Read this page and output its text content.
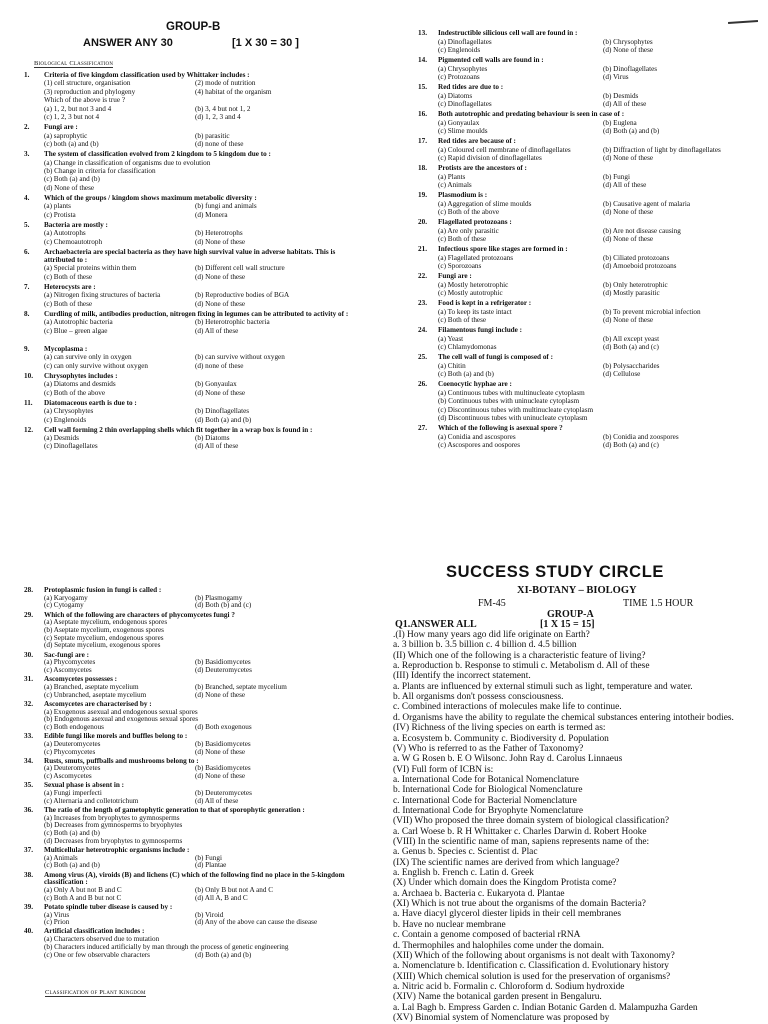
GROUP-B
ANSWER ANY 30	[1 X 30 = 30 ]
Biological Classification
1. Criteria of five kingdom classification used by Whittaker includes :
(1) cell structure, organisation	(2) mode of nutrition
(3) reproduction and phylogeny	(4) habitat of the organism
Which of the above is true ?
(a) 1, 2, but not 3 and 4	(b) 3, 4 but not 1, 2
(c) 1, 2, 3 but not 4	(d) 1, 2, 3 and 4
2. Fungi are :
(a) saprophytic	(b) parasitic
(c) both (a) and (b)	(d) none of these
3. The system of classification evolved from 2 kingdom to 5 kingdom due to :
(a) Change in classification of organisms due to evolution
(b) Change in criteria for classification
(c) Both (a) and (b)
(d) None of these
4. Which of the groups / kingdom shows maximum metabolic diversity :
(a) plants	(b) fungi and animals
(c) Protista	(d) Monera
5. Bacteria are mostly :
(a) Autotrophs	(b) Heterotrophs
(c) Chemoautotroph	(d) None of these
6. Archaebacteria are special bacteria as they have high survival value in adverse habitats. This is attributed to :
(a) Special proteins within them	(b) Different cell wall structure
(c) Both of these	(d) None of these
7. Heterocysts are :
(a) Nitrogen fixing structures of bacteria	(b) Reproductive bodies of BGA
(c) Both of these	(d) None of these
8. Curdling of milk, antibodies production, nitrogen fixing in legumes can be attributed to activity of :
(a) Autotrophic bacteria	(b) Heterotrophic bacteria
(c) Blue – green algae	(d) All of these
9. Mycoplasma :
(a) can survive only in oxygen	(b) can survive without oxygen
(c) can only survive without oxygen	(d) none of these
10. Chrysophytes includes :
(a) Diatoms and desmids	(b) Gonyaulax
(c) Both of the above	(d) None of these
11. Diatomaceous earth is due to :
(a) Chrysophytes	(b) Dinoflagellates
(c) Englenoids	(d) Both (a) and (b)
12. Cell wall forming 2 thin overlapping shells which fit together in a wrap box is found in :
(a) Desmids	(b) Diatoms
(c) Dinoflagellates	(d) All of these
13. Indestructible silicious cell wall are found in :
(a) Dinoflagellates	(b) Chrysophytes
(c) Englenoids	(d) None of these
14. Pigmented cell walls are found in :
(a) Chrysophytes	(b) Dinoflagellates
(c) Protozoans	(d) Virus
15. Red tides are due to :
(a) Diatoms	(b) Desmids
(c) Dinoflagellates	(d) All of these
16. Both autotrophic and predating behaviour is seen in case of :
(a) Gonyaulax	(b) Euglena
(c) Slime moulds	(d) Both (a) and (b)
17. Red tides are because of :
(a) Coloured cell membrane of dinoflagellates	(b) Diffraction of light by dinoflagellates
(c) Rapid division of dinoflagellates	(d) None of these
18. Protists are the ancestors of :
(a) Plants	(b) Fungi
(c) Animals	(d) All of these
19. Plasmodium is :
(a) Aggregation of slime moulds	(b) Causative agent of malaria
(c) Both of the above	(d) None of these
20. Flagellated protozoans :
(a) Are only parasitic	(b) Are not disease causing
(c) Both of these	(d) None of these
21. Infectious spore like stages are formed in :
(a) Flagellated protozoans	(b) Ciliated protozoans
(c) Sporozoans	(d) Amoeboid protozoans
22. Fungi are :
(a) Mostly heterotrophic	(b) Only heterotrophic
(c) Mostly autotrophic	(d) Mostly parasitic
23. Food is kept in a refrigerator :
(a) To keep its taste intact	(b) To prevent microbial infection
(c) Both of these	(d) None of these
24. Filamentous fungi include :
(a) Yeast	(b) All except yeast
(c) Chlamydomonas	(d) Both (a) and (c)
25. The cell wall of fungi is composed of :
(a) Chitin	(b) Polysaccharides
(c) Both (a) and (b)	(d) Cellulose
26. Coenocytic hyphae are :
(a) Continuous tubes with multinucleate cytoplasm
(b) Continuous tubes with uninucleate cytoplasm
(c) Discontinuous tubes with multinucleate cytoplasm
(d) Discontinuous tubes with uninucleate cytoplasm
27. Which of the following is asexual spore ?
(a) Conidia and ascospores	(b) Conidia and zoospores
(c) Ascospores and oospores	(d) Both (a) and (c)
28. Protoplasmic fusion in fungi is called :
(a) Karyogamy	(b) Plasmogamy
(c) Cytogamy	(d) Both (b) and (c)
29. Which of the following are characters of phycomycetes fungi ?
(a) Aseptate mycelium, endogenous spores
(b) Aseptate mycelium, exogenous spores
(c) Septate mycelium, endogenous spores
(d) Septate mycelium, exogenous spores
30. Sac-fungi are :
(a) Phycomycetes	(b) Basidiomycetes
(c) Ascomycetes	(d) Deuteromycetes
31. Ascomycetes possesses :
(a) Branched, aseptate mycelium	(b) Branched, septate mycelium
(c) Unbranched, aseptate mycelium	(d) None of these
32. Ascomycetes are characterised by :
(a) Exogenous asexual and endogenous sexual spores
(b) Endogenous asexual and exogenous sexual spores
(c) Both endogenous	(d) Both exogenous
33. Edible fungi like morels and buffles belong to :
(a) Deuteromycetes	(b) Basidiomycetes
(c) Phycomycetes	(d) None of these
34. Rusts, smuts, puffballs and mushrooms belong to :
(a) Deuteromycetes	(b) Basidiomycetes
(c) Ascomycetes	(d) None of these
35. Sexual phase is absent in :
(a) Fungi imperfecti	(b) Deuteromycetes
(c) Alternaria and colletotrichum	(d) All of these
36. The ratio of the length of gametophytic generation to that of sporophytic generation :
(a) Increases from bryophytes to gymnosperms
(b) Decreases from gymnosperms to bryophytes
(c) Both (a) and (b)
(d) Decreases from bryophytes to gymnosperms
37. Multicellular heterotrophic organisms include :
(a) Animals	(b) Fungi
(c) Both (a) and (b)	(d) Plantae
38. Among virus (A), viroids (B) and lichens (C) which of the following find no place in the 5-kingdom classification :
(a) Only A but not B and C	(b) Only B but not A and C
(c) Both A and B but not C	(d) All A, B and C
39. Potato spindle tuber disease is caused by :
(a) Virus	(b) Viroid
(c) Prion	(d) Any of the above can cause the disease
40. Artificial classification includes :
(a) Characters observed due to mutation
(b) Characters induced artificially by man through the process of genetic engineering
(c) One or few observable characters	(d) Both (a) and (b)
Classification of Plant Kingdom
SUCCESS STUDY CIRCLE
XI-BOTANY – BIOLOGY
FM-45	TIME 1.5 HOUR
GROUP-A
Q1.ANSWER ALL	[1 X 15 = 15]
.(I) How many years ago did life originate on Earth?
a. 3 billion b. 3.5 billion c. 4 billion d. 4.5 billion
(II) Which one of the following is a characteristic feature of living?
a. Reproduction b. Response to stimuli c. Metabolism d. All of these
(III) Identify the incorrect statement.
a. Plants are influenced by external stimuli such as light, temperature and water.
b. All organisms don't possess consciousness.
c. Combined interactions of molecules make life to continue.
d. Organisms have the ability to regulate the chemical substances entering intotheir bodies.
(IV) Richness of the living species on earth is termed as:
a. Ecosystem b. Community c. Biodiversity d. Population
(V) Who is referred to as the Father of Taxonomy?
a. W G Rosen b. E O Wilsonc. John Ray d. Carolus Linnaeus
(VI) Full form of ICBN is:
a. International Code for Botanical Nomenclature
b. International Code for Biological Nomenclature
c. International Code for Bacterial Nomenclature
d. International Code for Bryophyte Nomenclature
(VII) Who proposed the three domain system of biological classification?
a. Carl Woese b. R H Whittaker c. Charles Darwin d. Robert Hooke
(VIII) In the scientific name of man, sapiens represents name of the:
a. Genus b. Species c. Scientist d. Plac
(IX) The scientific names are derived from which language?
a. English b. French c. Latin d. Greek
(X) Under which domain does the Kingdom Protista come?
a. Archaea b. Bacteria c. Eukaryota d. Plantae
(XI) Which is not true about the organisms of the domain Bacteria?
a. Have diacyl glycerol diester lipids in their cell membranes
b. Have no nuclear membrane
c. Contain a genome composed of bacterial rRNA
d. Thermophiles and halophiles come under the domain.
(XII) Which of the following about organisms is not dealt with Taxonomy?
a. Nomenclature b. Identification c. Classification d. Evolutionary history
(XIII) Which chemical solution is used for the preservation of organisms?
a. Nitric acid b. Formalin c. Chloroform d. Sodium hydroxide
(XIV) Name the botanical garden present in Bengaluru.
a. Lal Bagh b. Empress Garden c. Indian Botanic Garden d. Malampuzha Garden
(XV) Binomial system of Nomenclature was proposed by
